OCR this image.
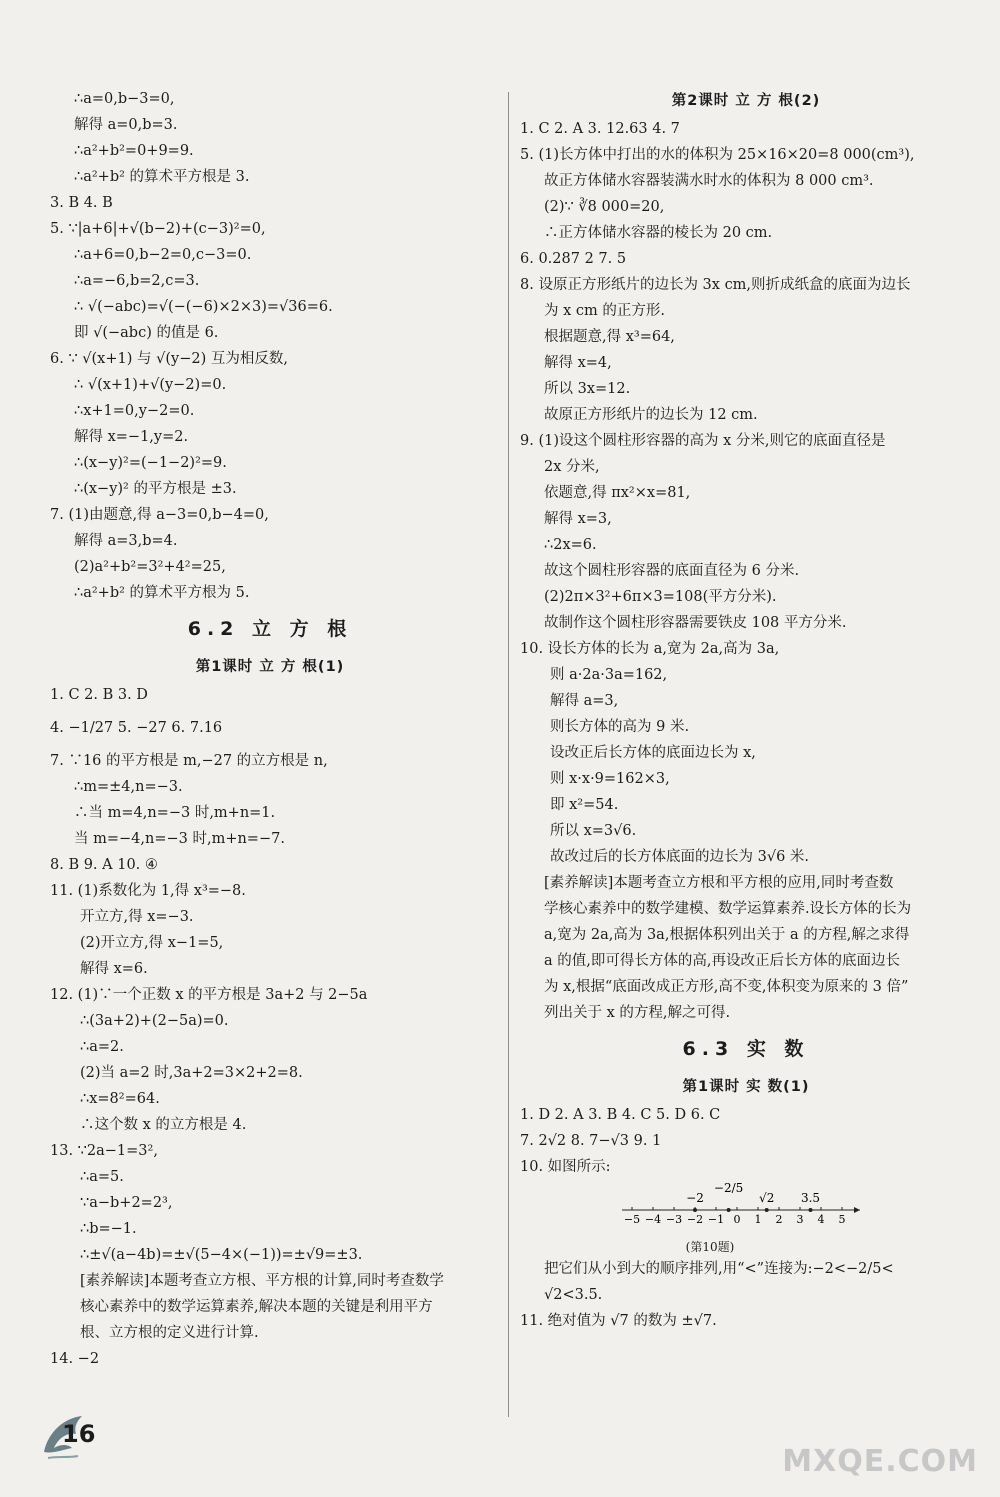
∴a=0,b−3=0,
解得 a=0,b=3.
∴a²+b²=0+9=9.
∴a²+b² 的算术平方根是 3.
3. B 4. B
5. ∵|a+6|+√(b−2)+(c−3)²=0,
∴a+6=0,b−2=0,c−3=0.
∴a=−6,b=2,c=3.
∴ √(−abc)=√(−(−6)×2×3)=√36=6.
即 √(−abc) 的值是 6.
6. ∵ √(x+1) 与 √(y−2) 互为相反数,
∴ √(x+1)+√(y−2)=0.
∴x+1=0,y−2=0.
解得 x=−1,y=2.
∴(x−y)²=(−1−2)²=9.
∴(x−y)² 的平方根是 ±3.
7. (1)由题意,得 a−3=0,b−4=0,
解得 a=3,b=4.
(2)a²+b²=3²+4²=25,
∴a²+b² 的算术平方根为 5.
6.2 立 方 根
第1课时 立 方 根(1)
1. C 2. B 3. D
4. −1/27 5. −27 6. 7.16
7. ∵16 的平方根是 m,−27 的立方根是 n,
∴m=±4,n=−3.
∴当 m=4,n=−3 时,m+n=1.
当 m=−4,n=−3 时,m+n=−7.
8. B 9. A 10. ④
11. (1)系数化为 1,得 x³=−8.
开立方,得 x=−3.
(2)开立方,得 x−1=5,
解得 x=6.
12. (1)∵一个正数 x 的平方根是 3a+2 与 2−5a
∴(3a+2)+(2−5a)=0.
∴a=2.
(2)当 a=2 时,3a+2=3×2+2=8.
∴x=8²=64.
∴这个数 x 的立方根是 4.
13. ∵2a−1=3²,
∴a=5.
∵a−b+2=2³,
∴b=−1.
∴±√(a−4b)=±√(5−4×(−1))=±√9=±3.
[素养解读]本题考查立方根、平方根的计算,同时考查数学
核心素养中的数学运算素养,解决本题的关键是利用平方
根、立方根的定义进行计算.
14. −2
第2课时 立 方 根(2)
1. C 2. A 3. 12.63 4. 7
5. (1)长方体中打出的水的体积为 25×16×20=8 000(cm³),
故正方体储水容器装满水时水的体积为 8 000 cm³.
(2)∵ ∛8 000=20,
∴正方体储水容器的棱长为 20 cm.
6. 0.287 2 7. 5
8. 设原正方形纸片的边长为 3x cm,则折成纸盒的底面为边长
为 x cm 的正方形.
根据题意,得 x³=64,
解得 x=4,
所以 3x=12.
故原正方形纸片的边长为 12 cm.
9. (1)设这个圆柱形容器的高为 x 分米,则它的底面直径是
2x 分米,
依题意,得 πx²×x=81,
解得 x=3,
∴2x=6.
故这个圆柱形容器的底面直径为 6 分米.
(2)2π×3²+6π×3=108(平方分米).
故制作这个圆柱形容器需要铁皮 108 平方分米.
10. 设长方体的长为 a,宽为 2a,高为 3a,
则 a·2a·3a=162,
解得 a=3,
则长方体的高为 9 米.
设改正后长方体的底面边长为 x,
则 x·x·9=162×3,
即 x²=54.
所以 x=3√6.
故改过后的长方体底面的边长为 3√6 米.
[素养解读]本题考查立方根和平方根的应用,同时考查数
学核心素养中的数学建模、数学运算素养.设长方体的长为
a,宽为 2a,高为 3a,根据体积列出关于 a 的方程,解之求得
a 的值,即可得长方体的高,再设改正后长方体的底面边长
为 x,根据“底面改成正方形,高不变,体积变为原来的 3 倍”
列出关于 x 的方程,解之可得.
6.3 实 数
第1课时 实 数(1)
1. D 2. A 3. B 4. C 5. D 6. C
7. 2√2 8. 7−√3 9. 1
10. 如图所示:
−5 −4 −3 −2 −1 0 1 2 3 4 5
−2
−2/5
√2 3.5
(第10题)
把它们从小到大的顺序排列,用“<”连接为:−2<−2/5<
√2<3.5.
11. 绝对值为 √7 的数为 ±√7.
16
MXQE.COM
